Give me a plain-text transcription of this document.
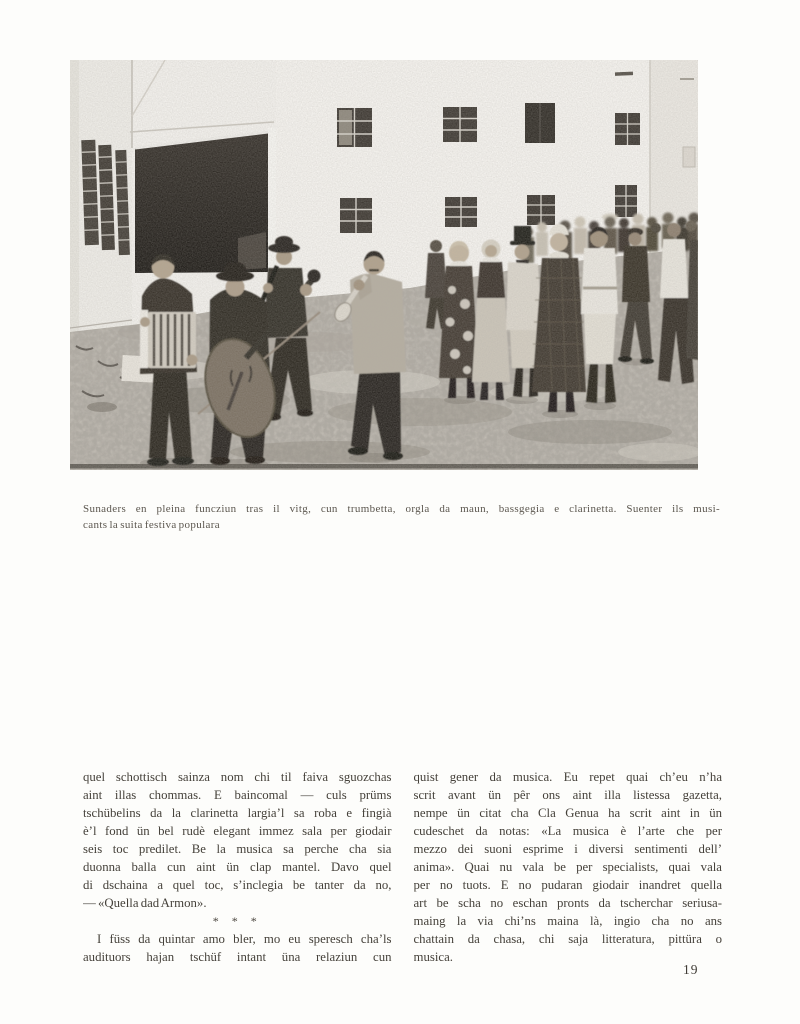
Sunaders en pleina funcziun tras il vitg, cun trumbetta, orgla da maun, bassgegia e clarinetta. Suenter ils musi-
cants la suita festiva populara
quel schottisch sainza nom chi til faiva sguozchas
aint illas chommas. E baincomal — culs prüms
tschübelins da la clarinetta largia’l sa roba e fingià
è’l fond ün bel rudè elegant immez sala per giodair
seis toc predilet. Be la musica sa perche cha sia
duonna balla cun aint ün clap mantel. Davo quel
di dschaina a quel toc, s’inclegia be tanter da no,
— «Quella dad Armon».
* * *
I füss da quintar amo bler, mo eu speresch cha’ls
audituors hajan tschüf intant üna relaziun cun
quist gener da musica. Eu repet quai ch’eu n’ha
scrit avant ün pêr ons aint illa listessa gazetta,
nempe ün citat cha Cla Genua ha scrit aint in ün
cudeschet da notas: «La musica è l’arte che per
mezzo dei suoni esprime i diversi sentimenti dell’
anima». Quai nu vala be per specialists, quai vala
per no tuots. E no pudaran giodair inandret quella
art be scha no eschan pronts da tscherchar seriusa-
maing la via chi’ns maina là, ingio cha no ans
chattain da chasa, chi saja litteratura, pittüra o
musica.
19
